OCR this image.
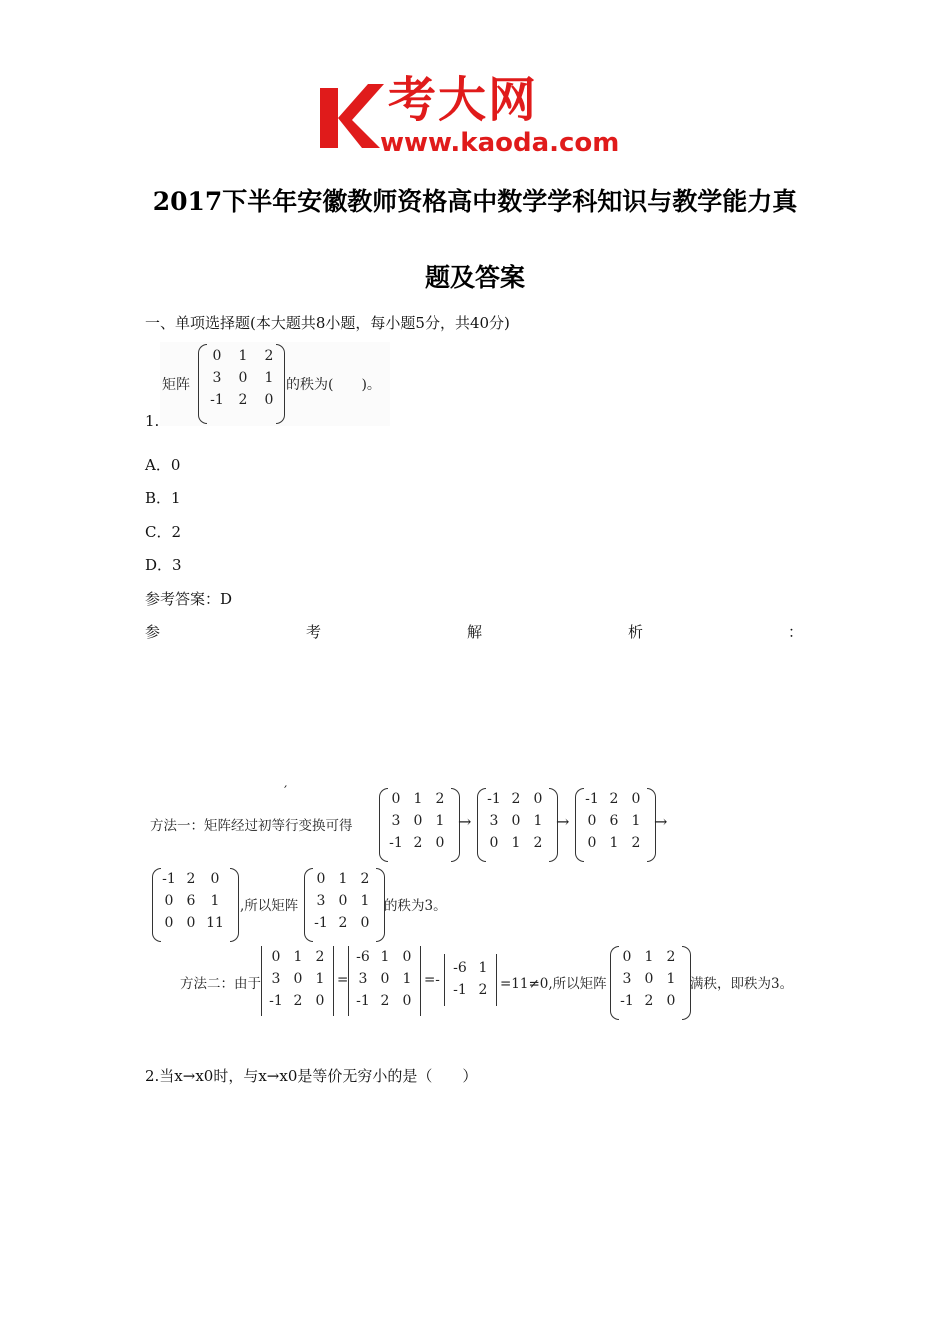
考大网
www.kaoda.com
2017下半年安徽教师资格高中数学学科知识与教学能力真
题及答案
一、单项选择题(本大题共8小题，每小题5分，共40分)
矩阵
0	1	2
3	0	1
-1	2	0
的秩为(　　)。
1.
A．0
B．1
C．2
D．3
参考答案：D
参	考	解	析	：
′
方法一：矩阵经过初等行变换可得
0 1 2
3 0 1
-1 2 0
→
-1 2 0
3 0 1
0 1 2
→
-1 2 0
0 6 1
0 1 2
→
-1 2	0
0 6	1
0 0 11
,所以矩阵
0 1 2
3 0 1
-1 2 0
的秩为3。
方法二：由于
0 1 2
3 0 1
-1 2 0
=
-6 1 0
3 0 1
-1 2 0
=-
-6 1
-1 2 =11≠0,所以矩阵
0 1 2
3 0 1
-1 2 0
满秩，即秩为3。
2.当x→x0时，与x→x0是等价无穷小的是（　　）
